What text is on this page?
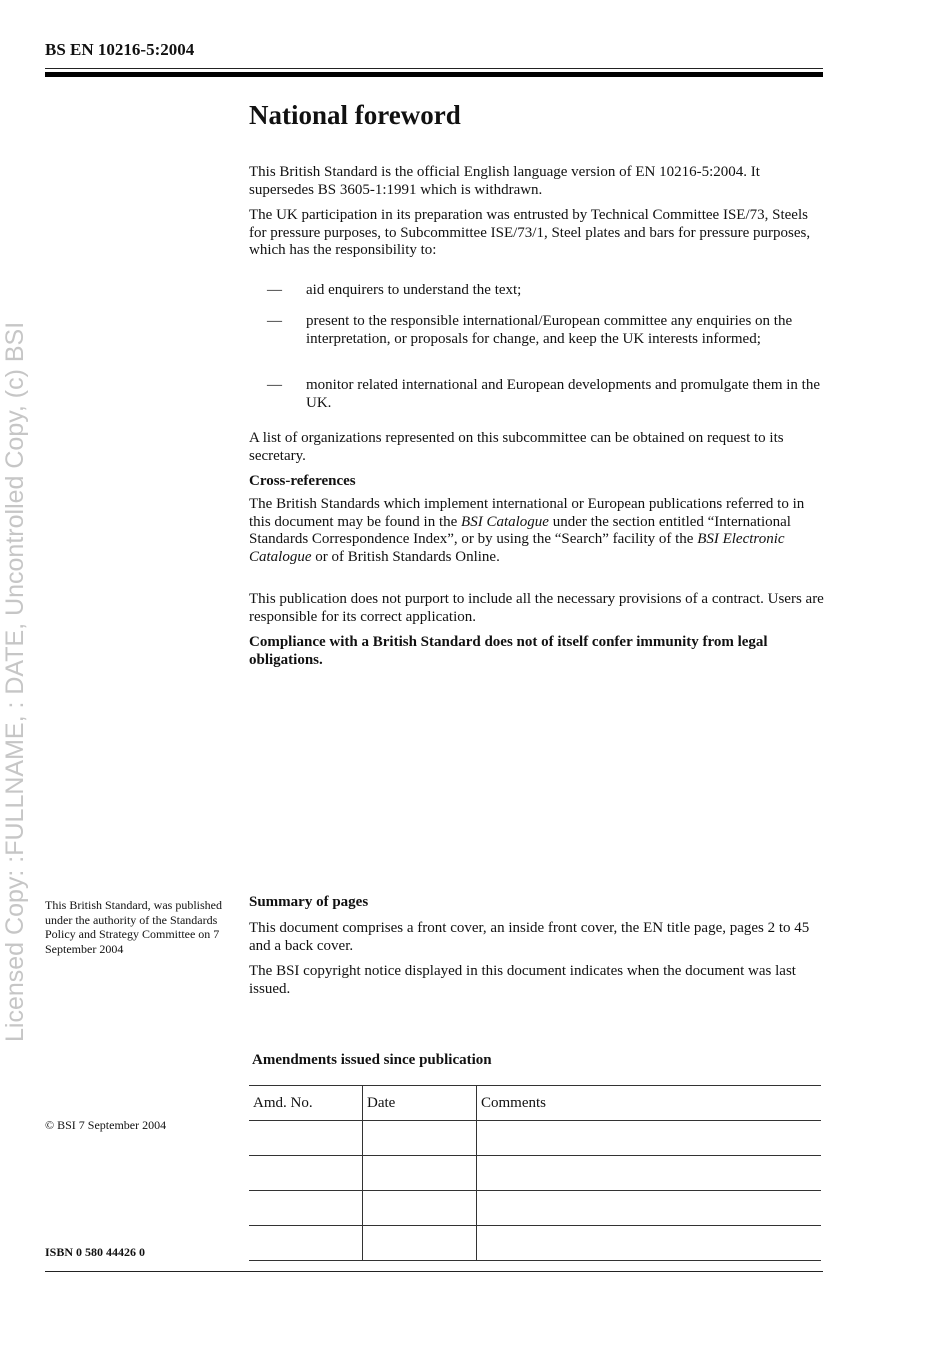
BS EN 10216-5:2004
Licensed Copy: :FULLNAME, : DATE, Uncontrolled Copy, (c) BSI
National foreword

This British Standard is the official English language version of EN 10216-5:2004. It supersedes BS 3605-1:1991 which is withdrawn.

The UK participation in its preparation was entrusted by Technical Committee ISE/73, Steels for pressure purposes, to Subcommittee ISE/73/1, Steel plates and bars for pressure purposes, which has the responsibility to:

— aid enquirers to understand the text;
— present to the responsible international/European committee any enquiries on the interpretation, or proposals for change, and keep the UK interests informed;
— monitor related international and European developments and promulgate them in the UK.

A list of organizations represented on this subcommittee can be obtained on request to its secretary.

Cross-references

The British Standards which implement international or European publications referred to in this document may be found in the BSI Catalogue under the section entitled “International Standards Correspondence Index”, or by using the “Search” facility of the BSI Electronic Catalogue or of British Standards Online.

This publication does not purport to include all the necessary provisions of a contract. Users are responsible for its correct application.

Compliance with a British Standard does not of itself confer immunity from legal obligations.

This British Standard, was published under the authority of the Standards Policy and Strategy Committee on 7 September 2004
Summary of pages

This document comprises a front cover, an inside front cover, the EN title page, pages 2 to 45 and a back cover.

The BSI copyright notice displayed in this document indicates when the document was last issued.

Amendments issued since publication
Amd. No.	Date	Comments

© BSI 7 September 2004
ISBN 0 580 44426 0
